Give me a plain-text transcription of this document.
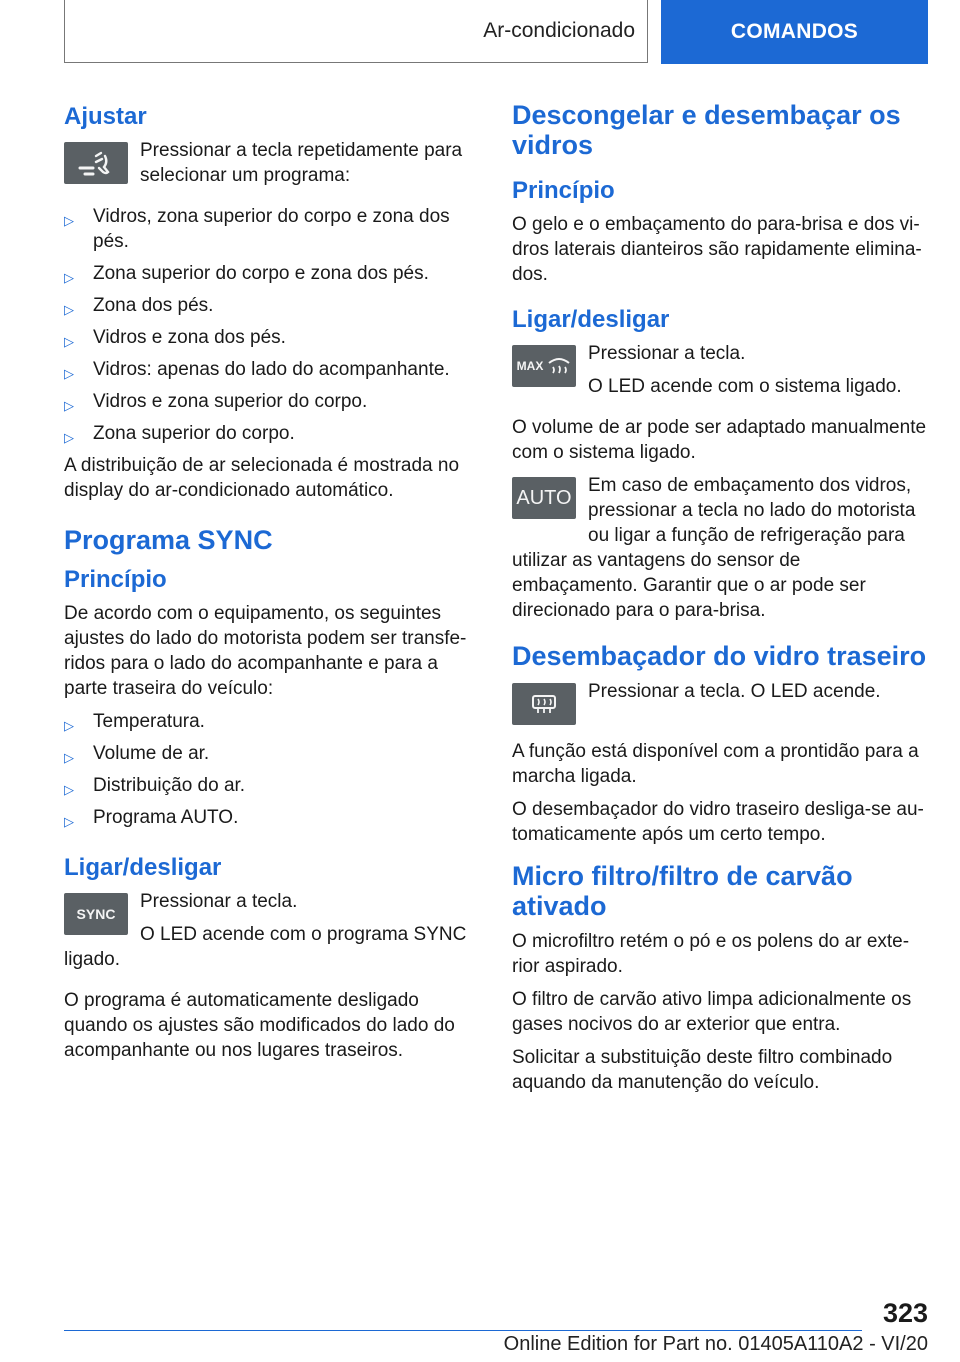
Ar-condicionado	COMANDOS
Ajustar

Pressionar a tecla repetidamente para selecionar um programa:

▷ Vidros, zona superior do corpo e zona dos pés.
▷ Zona superior do corpo e zona dos pés.
▷ Zona dos pés.
▷ Vidros e zona dos pés.
▷ Vidros: apenas do lado do acompanhante.
▷ Vidros e zona superior do corpo.
▷ Zona superior do corpo.

A distribuição de ar selecionada é mostrada no display do ar-condicionado automático.

Programa SYNC
Princípio

De acordo com o equipamento, os seguintes ajustes do lado do motorista podem ser transfe-ridos para o lado do acompanhante e para a parte traseira do veículo:

▷ Temperatura.
▷ Volume de ar.
▷ Distribuição do ar.
▷ Programa AUTO.
Ligar/desligar
SYNC

Pressionar a tecla.

O LED acende com o programa SYNC ligado.

O programa é automaticamente desligado quando os ajustes são modificados do lado do acompanhante ou nos lugares traseiros.

Descongelar e desembaçar os vidros
Princípio

O gelo e o embaçamento do para-brisa e dos vi-dros laterais dianteiros são rapidamente elimina-dos.

Ligar/desligar
MAX

Pressionar a tecla.

O LED acende com o sistema ligado.

O volume de ar pode ser adaptado manualmente com o sistema ligado.

AUTO

Em caso de embaçamento dos vidros, pressionar a tecla no lado do motorista ou ligar a função de refrigeração para utilizar as vantagens do sensor de embaçamento. Garantir que o ar pode ser direcionado para o para-brisa.

Desembaçador do vidro traseiro

Pressionar a tecla. O LED acende.

A função está disponível com a prontidão para a marcha ligada.

O desembaçador do vidro traseiro desliga-se au-tomaticamente após um certo tempo.

Micro filtro/filtro de carvão ativado

O microfiltro retém o pó e os polens do ar exte-rior aspirado.

O filtro de carvão ativo limpa adicionalmente os gases nocivos do ar exterior que entra.

Solicitar a substituição deste filtro combinado aquando da manutenção do veículo.

323
Online Edition for Part no. 01405A110A2 - VI/20
